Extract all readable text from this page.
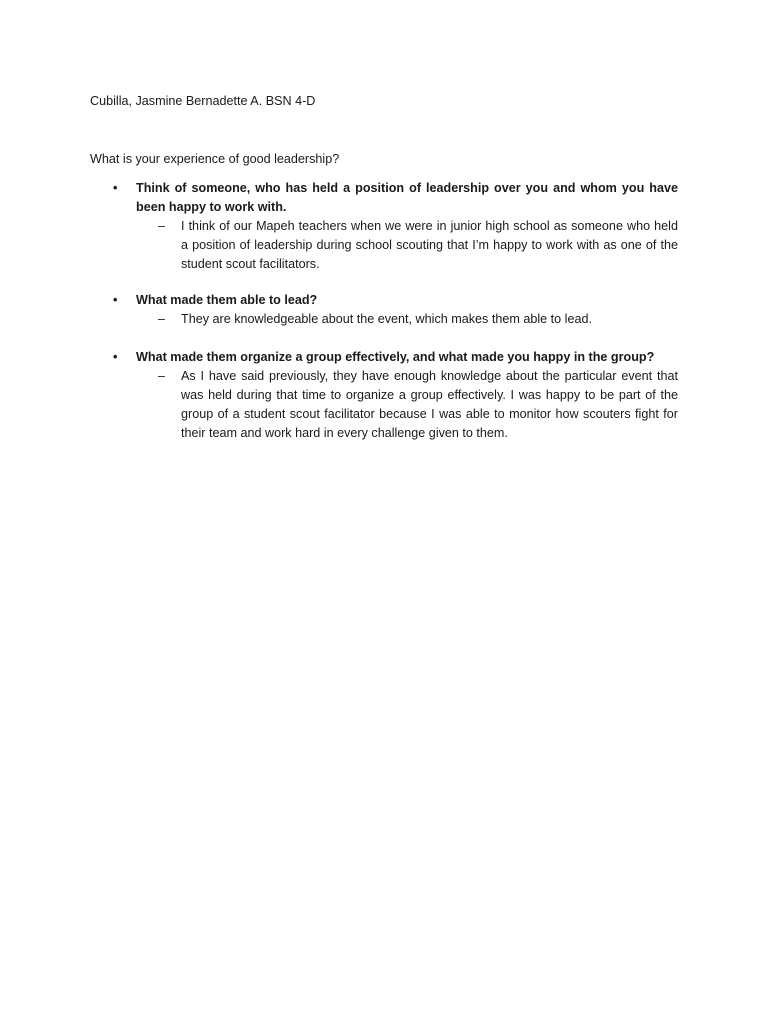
Cubilla, Jasmine Bernadette A. BSN 4-D
What is your experience of good leadership?
• Think of someone, who has held a position of leadership over you and whom you have been happy to work with.
– I think of our Mapeh teachers when we were in junior high school as someone who held a position of leadership during school scouting that I’m happy to work with as one of the student scout facilitators.
• What made them able to lead?
– They are knowledgeable about the event, which makes them able to lead.
• What made them organize a group effectively, and what made you happy in the group?
– As I have said previously, they have enough knowledge about the particular event that was held during that time to organize a group effectively. I was happy to be part of the group of a student scout facilitator because I was able to monitor how scouters fight for their team and work hard in every challenge given to them.
